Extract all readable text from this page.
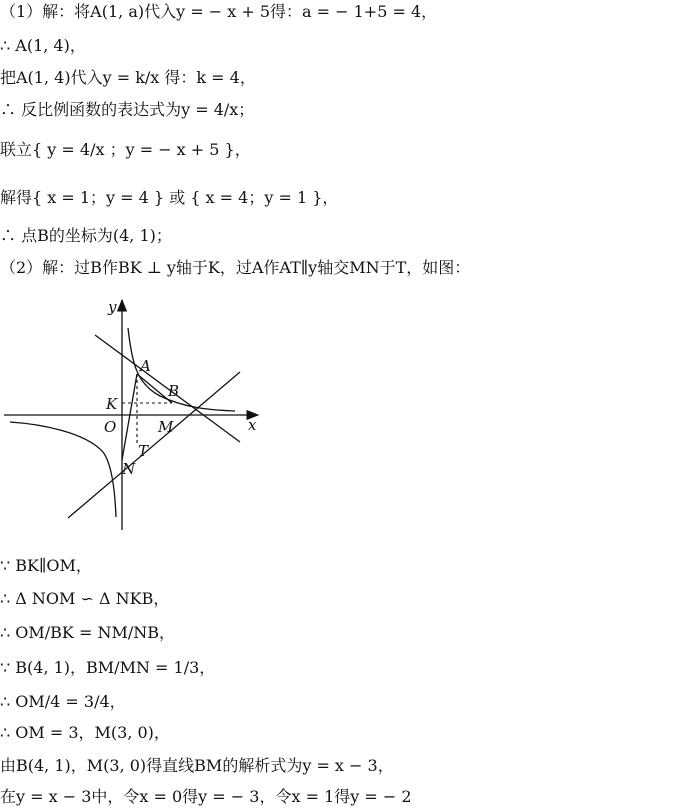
（1）解：将A(1, a)代入y = − x + 5得：a = − 1+5 = 4，
∴ A(1, 4)，
把A(1, 4)代入y = k/x 得：k = 4，
∴ 反比例函数的表达式为y = 4/x；
联立{ y = 4/x ；y = − x + 5 }，
解得{ x = 1；y = 4 } 或 { x = 4；y = 1 }，
∴ 点B的坐标为(4, 1)；
（2）解：过B作BK ⊥ y轴于K，过A作AT∥y轴交MN于T，如图：
y
x
A
B
K
O	M
T
N
∵ BK∥OM，
∴ Δ NOM ∽ Δ NKB，
∴ OM/BK = NM/NB，
∵ B(4, 1)，BM/MN = 1/3，
∴ OM/4 = 3/4，
∴ OM = 3，M(3, 0)，
由B(4, 1)，M(3, 0)得直线BM的解析式为y = x − 3，
在y = x − 3中，令x = 0得y = − 3，令x = 1得y = − 2
